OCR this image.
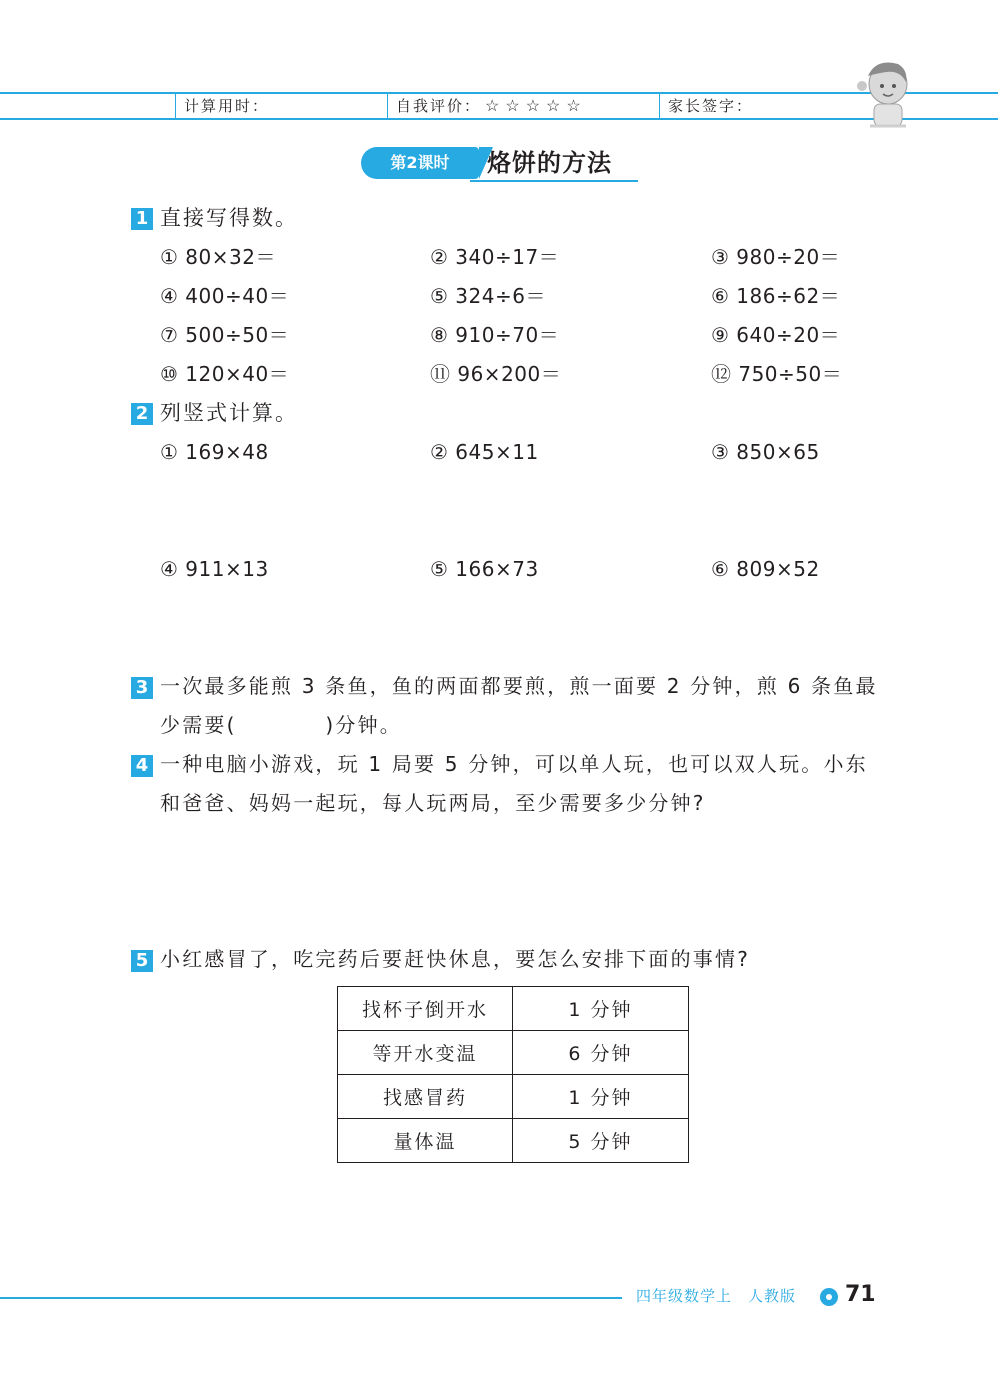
计算用时：	自我评价： ☆☆☆☆☆	家长签字：
第2课时	烙饼的方法
1 直接写得数。
① 80×32＝	② 340÷17＝	③ 980÷20＝
④ 400÷40＝	⑤ 324÷6＝	⑥ 186÷62＝
⑦ 500÷50＝	⑧ 910÷70＝	⑨ 640÷20＝
⑩ 120×40＝	⑪ 96×200＝	⑫ 750÷50＝
2 列竖式计算。
① 169×48	② 645×11	③ 850×65
④ 911×13	⑤ 166×73	⑥ 809×52
3 一次最多能煎 3 条鱼，鱼的两面都要煎，煎一面要 2 分钟，煎 6 条鱼最
少需要(　　　　)分钟。
4 一种电脑小游戏，玩 1 局要 5 分钟，可以单人玩，也可以双人玩。小东
和爸爸、妈妈一起玩，每人玩两局，至少需要多少分钟?
5 小红感冒了，吃完药后要赶快休息，要怎么安排下面的事情?
找杯子倒开水	1 分钟
等开水变温	6 分钟
找感冒药	1 分钟
量体温	5 分钟
四年级数学上　人教版 71
